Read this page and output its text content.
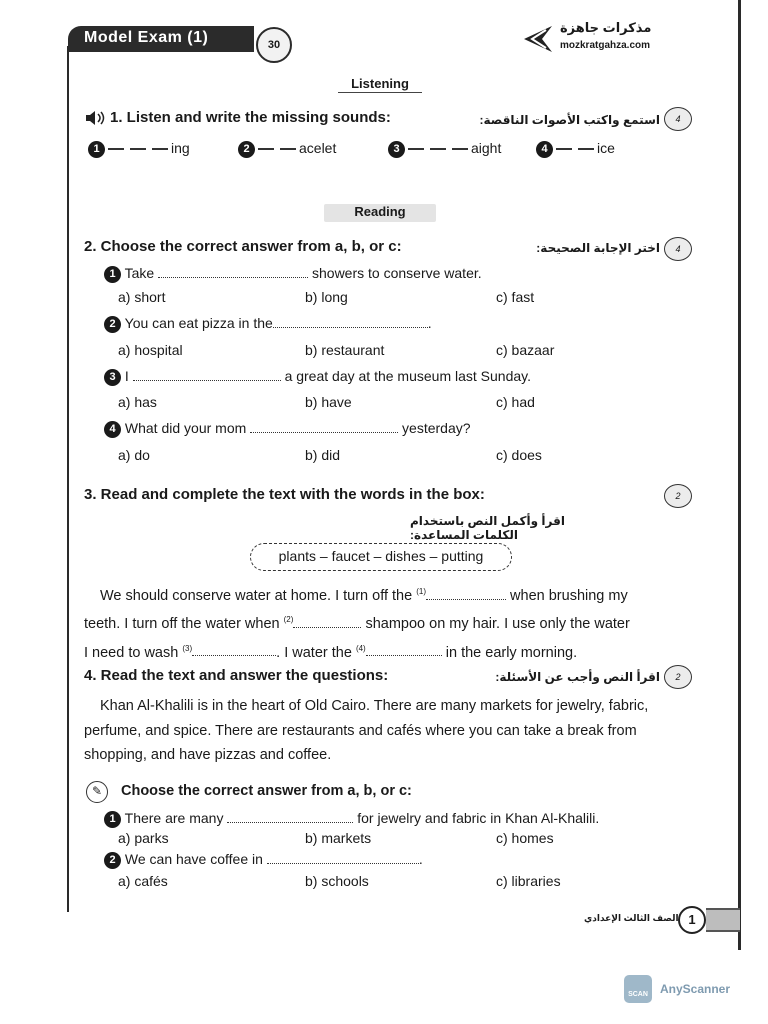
Model Exam (1)	30
مذكرات جاهزة
mozkratgahza.com
Listening
1. Listen and write the missing sounds:	استمع واكتب الأصوات الناقصة:	4
1	ing	2	acelet	3	aight	4	ice
Reading
2. Choose the correct answer from a, b, or c:	اختر الإجابة الصحيحة:	4
1 Take	showers to conserve water.
a) short	b) long	c) fast
2 You can eat pizza in the	.
a) hospital	b) restaurant	c) bazaar
3 I	a great day at the museum last Sunday.
a) has	b) have	c) had
4 What did your mom	yesterday?
a) do	b) did	c) does
3. Read and complete the text with the words in the box:	2
اقرأ وأكمل النص باستخدام الكلمات المساعدة:
plants – faucet – dishes – putting
We should conserve water at home. I turn off the $^{(1)}$	when brushing my
teeth. I turn off the water when $^{(2)}$	shampoo on my hair. I use only the water
I need to wash $^{(3)}$	. I water the $^{(4)}$	in the early morning.
4. Read the text and answer the questions:	اقرأ النص وأجب عن الأسئلة:	2
Khan Al-Khalili is in the heart of Old Cairo. There are many markets for jewelry, fabric,
perfume, and spice. There are restaurants and cafés where you can take a break from
shopping, and have pizzas and coffee.
✎	Choose the correct answer from a, b, or c:
1 There are many	for jewelry and fabric in Khan Al-Khalili.
a) parks	b) markets	c) homes
2 We can have coffee in	.
a) cafés	b) schools	c) libraries
الصف الثالث الإعدادي 1
SCAN	AnyScanner
